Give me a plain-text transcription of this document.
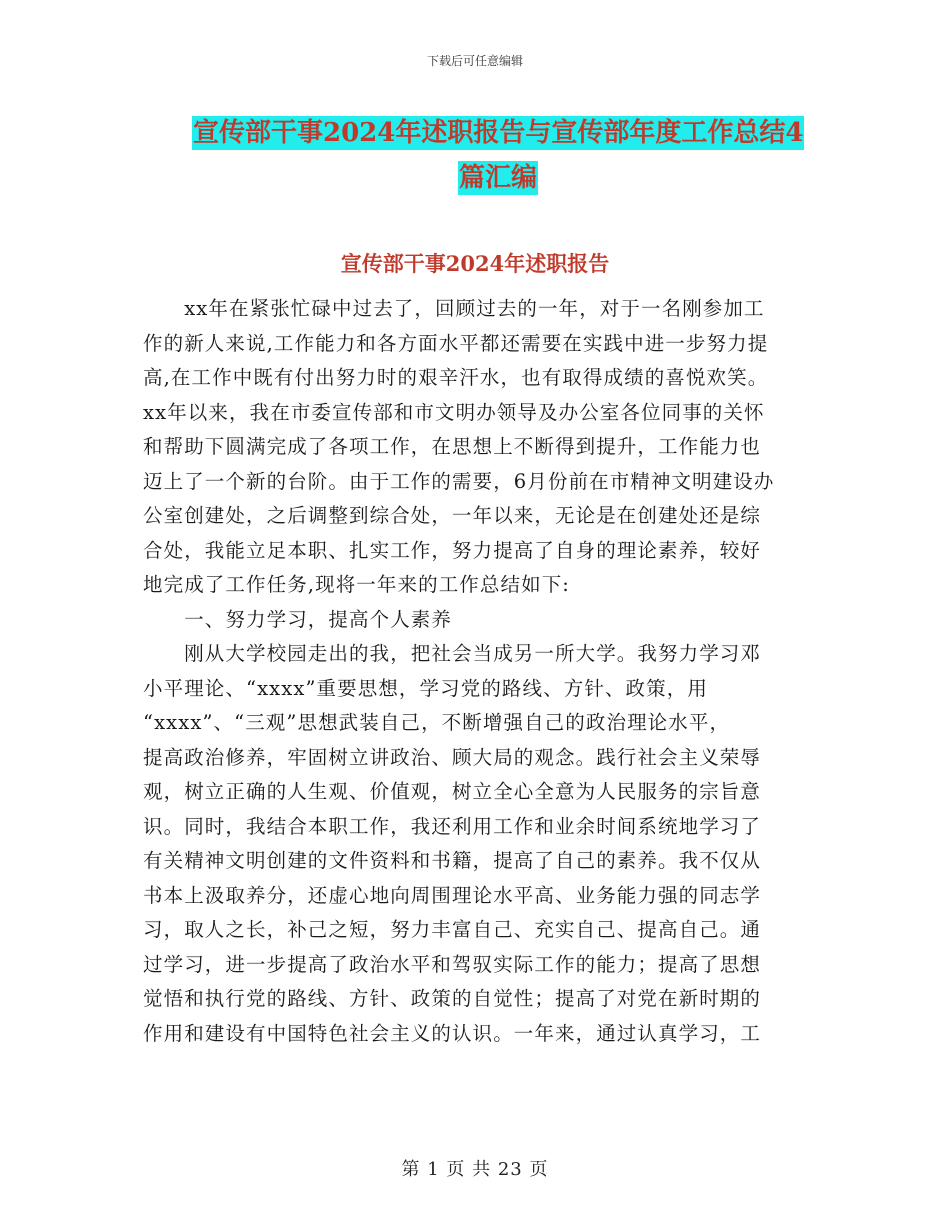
下载后可任意编辑
宣传部干事2024年述职报告与宣传部年度工作总结4
篇汇编
宣传部干事2024年述职报告
　　xx年在紧张忙碌中过去了，回顾过去的一年，对于一名刚参加工
作的新人来说,工作能力和各方面水平都还需要在实践中进一步努力提
高,在工作中既有付出努力时的艰辛汗水，也有取得成绩的喜悦欢笑。
xx年以来，我在市委宣传部和市文明办领导及办公室各位同事的关怀
和帮助下圆满完成了各项工作，在思想上不断得到提升，工作能力也
迈上了一个新的台阶。由于工作的需要，6月份前在市精神文明建设办
公室创建处，之后调整到综合处，一年以来，无论是在创建处还是综
合处，我能立足本职、扎实工作，努力提高了自身的理论素养，较好
地完成了工作任务,现将一年来的工作总结如下:
　　一、努力学习，提高个人素养
　　刚从大学校园走出的我，把社会当成另一所大学。我努力学习邓
小平理论、“xxxx”重要思想，学习党的路线、方针、政策，用
“xxxx”、“三观”思想武装自己，不断增强自己的政治理论水平，
提高政治修养，牢固树立讲政治、顾大局的观念。践行社会主义荣辱
观，树立正确的人生观、价值观，树立全心全意为人民服务的宗旨意
识。同时，我结合本职工作，我还利用工作和业余时间系统地学习了
有关精神文明创建的文件资料和书籍，提高了自己的素养。我不仅从
书本上汲取养分，还虚心地向周围理论水平高、业务能力强的同志学
习，取人之长，补己之短，努力丰富自己、充实自己、提高自己。通
过学习，进一步提高了政治水平和驾驭实际工作的能力；提高了思想
觉悟和执行党的路线、方针、政策的自觉性；提高了对党在新时期的
作用和建设有中国特色社会主义的认识。一年来，通过认真学习，工
第 1 页 共 23 页
